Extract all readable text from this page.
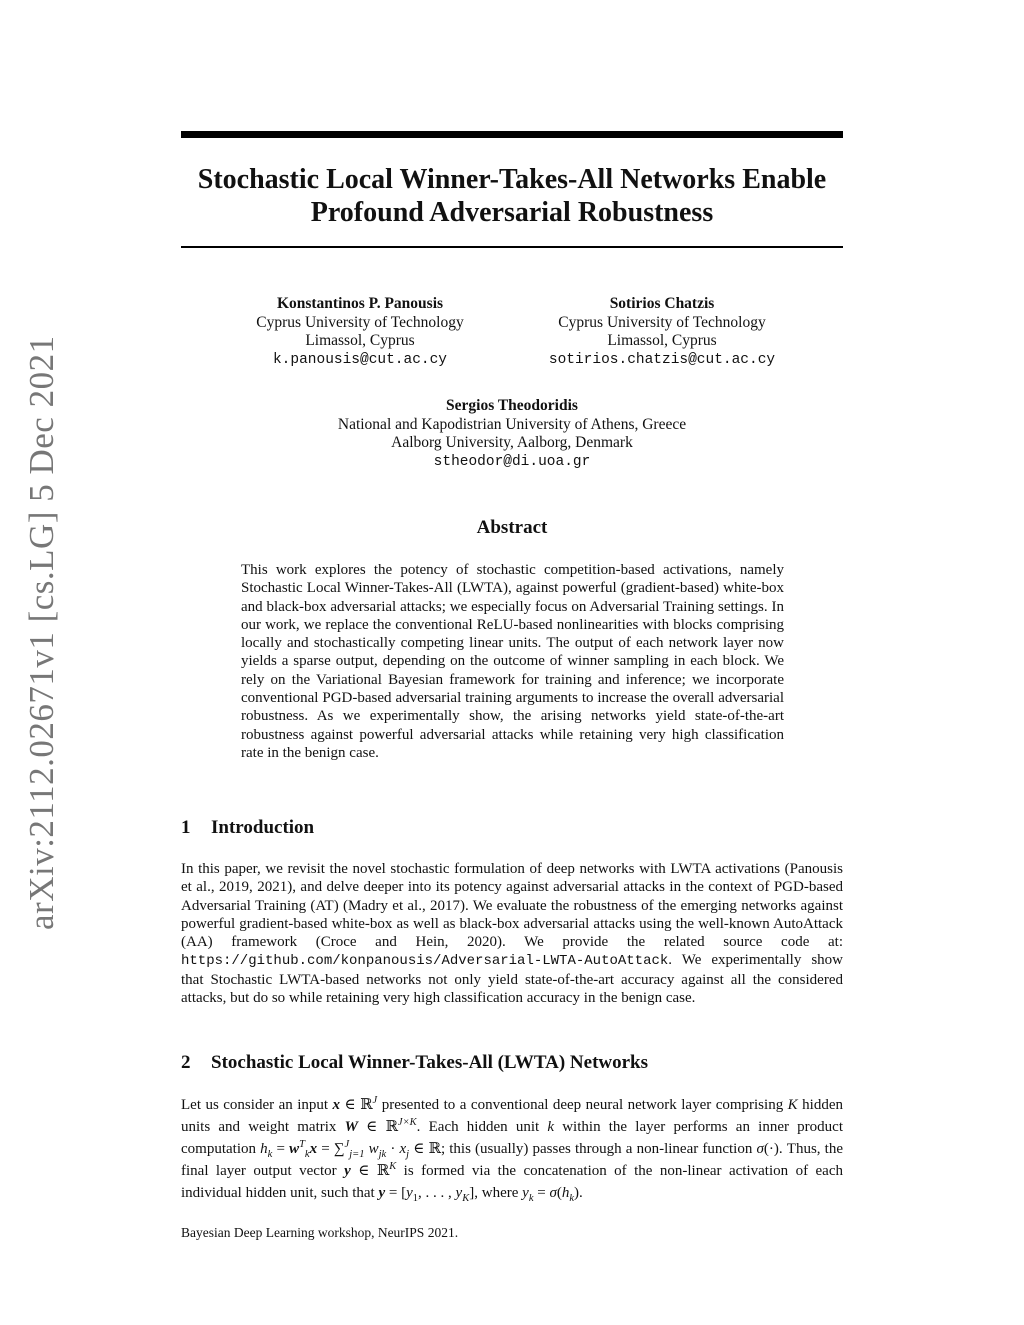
arXiv:2112.02671v1 [cs.LG] 5 Dec 2021
Stochastic Local Winner-Takes-All Networks Enable
Profound Adversarial Robustness
Konstantinos P. Panousis
Cyprus University of Technology
Limassol, Cyprus
k.panousis@cut.ac.cy
Sotirios Chatzis
Cyprus University of Technology
Limassol, Cyprus
sotirios.chatzis@cut.ac.cy
Sergios Theodoridis
National and Kapodistrian University of Athens, Greece
Aalborg University, Aalborg, Denmark
stheodor@di.uoa.gr
Abstract
This work explores the potency of stochastic competition-based activations, namely Stochastic Local Winner-Takes-All (LWTA), against powerful (gradient-based) white-box and black-box adversarial attacks; we especially focus on Adversarial Training settings. In our work, we replace the conventional ReLU-based nonlinearities with blocks comprising locally and stochastically competing linear units. The output of each network layer now yields a sparse output, depending on the outcome of winner sampling in each block. We rely on the Variational Bayesian framework for training and inference; we incorporate conventional PGD-based adversarial training arguments to increase the overall adversarial robustness. As we experimentally show, the arising networks yield state-of-the-art robustness against powerful adversarial attacks while retaining very high classification rate in the benign case.
1 Introduction
In this paper, we revisit the novel stochastic formulation of deep networks with LWTA activations (Panousis et al., 2019, 2021), and delve deeper into its potency against adversarial attacks in the context of PGD-based Adversarial Training (AT) (Madry et al., 2017). We evaluate the robustness of the emerging networks against powerful gradient-based white-box as well as black-box adversarial attacks using the well-known AutoAttack (AA) framework (Croce and Hein, 2020). We provide the related source code at: https://github.com/konpanousis/Adversarial-LWTA-AutoAttack. We experimentally show that Stochastic LWTA-based networks not only yield state-of-the-art accuracy against all the considered attacks, but do so while retaining very high classification accuracy in the benign case.
2 Stochastic Local Winner-Takes-All (LWTA) Networks
Let us consider an input x ∈ ℝ$^J$ presented to a conventional deep neural network layer comprising K hidden units and weight matrix W ∈ ℝ$^{J\times K}$. Each hidden unit k within the layer performs an inner product computation $h_k = w^T_kx = \sum^J_{j=1}$ $w_{jk} \cdot x_j$ ∈ ℝ; this (usually) passes through a non-linear function σ(·). Thus, the final layer output vector y ∈ ℝ$^K$ is formed via the concatenation of the non-linear activation of each individual hidden unit, such that $y = [y_1$, . . . , $y_K$], where $y_k = \sigma(h_k)$.
Bayesian Deep Learning workshop, NeurIPS 2021.
